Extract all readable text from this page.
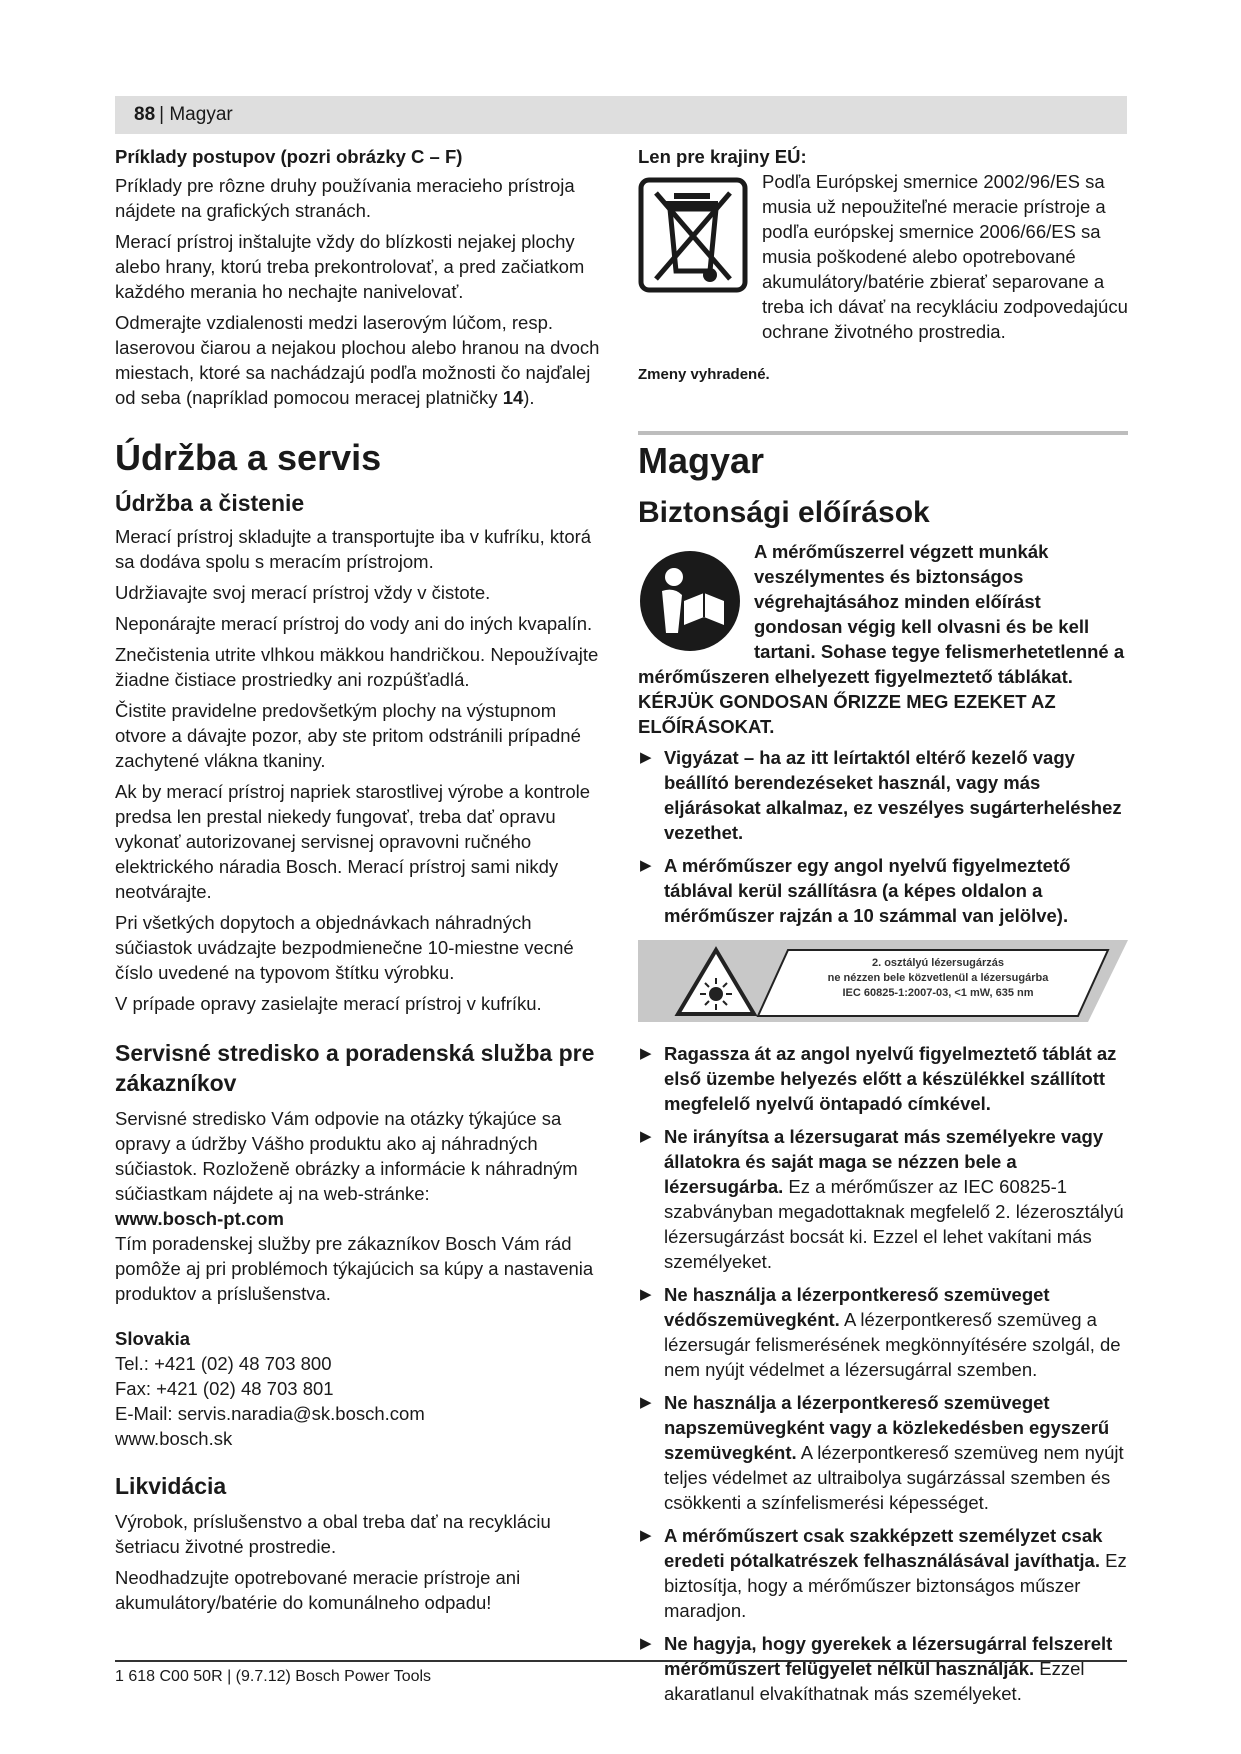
88 | Magyar

Príklady postupov (pozri obrázky C – F)

Príklady pre rôzne druhy používania meracieho prístroja nájdete na grafických stranách.

Merací prístroj inštalujte vždy do blízkosti nejakej plochy alebo hrany, ktorú treba prekontrolovať, a pred začiatkom každého merania ho nechajte nanivelovať.

Odmerajte vzdialenosti medzi laserovým lúčom, resp. laserovou čiarou a nejakou plochou alebo hranou na dvoch miestach, ktoré sa nachádzajú podľa možnosti čo najďalej od seba (napríklad pomocou meracej platničky 14).

Údržba a servis
Údržba a čistenie

Merací prístroj skladujte a transportujte iba v kufríku, ktorá sa dodáva spolu s meracím prístrojom.

Udržiavajte svoj merací prístroj vždy v čistote.

Neponárajte merací prístroj do vody ani do iných kvapalín.

Znečistenia utrite vlhkou mäkkou handričkou. Nepoužívajte žiadne čistiace prostriedky ani rozpúšťadlá.

Čistite pravidelne predovšetkým plochy na výstupnom otvore a dávajte pozor, aby ste pritom odstránili prípadné zachytené vlákna tkaniny.

Ak by merací prístroj napriek starostlivej výrobe a kontrole predsa len prestal niekedy fungovať, treba dať opravu vykonať autorizovanej servisnej opravovni ručného elektrického náradia Bosch. Merací prístroj sami nikdy neotvárajte.

Pri všetkých dopytoch a objednávkach náhradných súčiastok uvádzajte bezpodmienečne 10-miestne vecné číslo uvedené na typovom štítku výrobku.

V prípade opravy zasielajte merací prístroj v kufríku.

Servisné stredisko a poradenská služba pre zákazníkov

Servisné stredisko Vám odpovie na otázky týkajúce sa opravy a údržby Vášho produktu ako aj náhradných súčiastok. Rozloženě obrázky a informácie k náhradným súčiastkam nájdete aj na web-stránke:

www.bosch-pt.com

Tím poradenskej služby pre zákazníkov Bosch Vám rád pomôže aj pri problémoch týkajúcich sa kúpy a nastavenia produktov a príslušenstva.

Slovakia

Tel.: +421 (02) 48 703 800

Fax: +421 (02) 48 703 801

E-Mail: servis.naradia@sk.bosch.com

www.bosch.sk

Likvidácia

Výrobok, príslušenstvo a obal treba dať na recykláciu šetriacu životné prostredie.

Neodhadzujte opotrebované meracie prístroje ani akumulátory/batérie do komunálneho odpadu!

Len pre krajiny EÚ:

Podľa Európskej smernice 2002/96/ES sa musia už nepoužiteľné meracie prístroje a podľa európskej smernice 2006/66/ES sa musia poškodené alebo opotrebované akumulátory/batérie zbierať separovane a treba ich dávať na recykláciu zodpovedajúcu ochrane životného prostredia.

Zmeny vyhradené.

Magyar
Biztonsági előírások

A mérőműszerrel végzett munkák veszélymentes és biztonságos végrehajtásához minden előírást gondosan végig kell olvasni és be kell tartani. Sohase tegye felismerhetetlenné a mérőműszeren elhelyezett figyelmeztető táblákat. KÉRJÜK GONDOSAN ŐRIZZE MEG EZEKET AZ ELŐÍRÁSOKAT.

▶ Vigyázat – ha az itt leírtaktól eltérő kezelő vagy beállító berendezéseket használ, vagy más eljárásokat alkalmaz, ez veszélyes sugárterheléshez vezethet.
▶ A mérőműszer egy angol nyelvű figyelmeztető táblával kerül szállításra (a képes oldalon a mérőműszer rajzán a 10 számmal van jelölve).
2. osztályú lézersugárzás
ne nézzen bele közvetlenül a lézersugárba
IEC 60825-1:2007-03, <1 mW, 635 nm
▶ Ragassza át az angol nyelvű figyelmeztető táblát az első üzembe helyezés előtt a készülékkel szállított megfelelő nyelvű öntapadó címkével.
▶ Ne irányítsa a lézersugarat más személyekre vagy állatokra és saját maga se nézzen bele a lézersugárba. Ez a mérőműszer az IEC 60825-1 szabványban megadottaknak megfelelő 2. lézerosztályú lézersugárzást bocsát ki. Ezzel el lehet vakítani más személyeket.
▶ Ne használja a lézerpontkereső szemüveget védőszemüvegként. A lézerpontkereső szemüveg a lézersugár felismerésének megkönnyítésére szolgál, de nem nyújt védelmet a lézersugárral szemben.
▶ Ne használja a lézerpontkereső szemüveget napszemüvegként vagy a közlekedésben egyszerű szemüvegként. A lézerpontkereső szemüveg nem nyújt teljes védelmet az ultraibolya sugárzással szemben és csökkenti a színfelismerési képességet.
▶ A mérőműszert csak szakképzett személyzet csak eredeti pótalkatrészek felhasználásával javíthatja. Ez biztosítja, hogy a mérőműszer biztonságos műszer maradjon.
▶ Ne hagyja, hogy gyerekek a lézersugárral felszerelt mérőműszert felügyelet nélkül használják. Ezzel akaratlanul elvakíthatnak más személyeket.
1 618 C00 50R | (9.7.12) Bosch Power Tools
